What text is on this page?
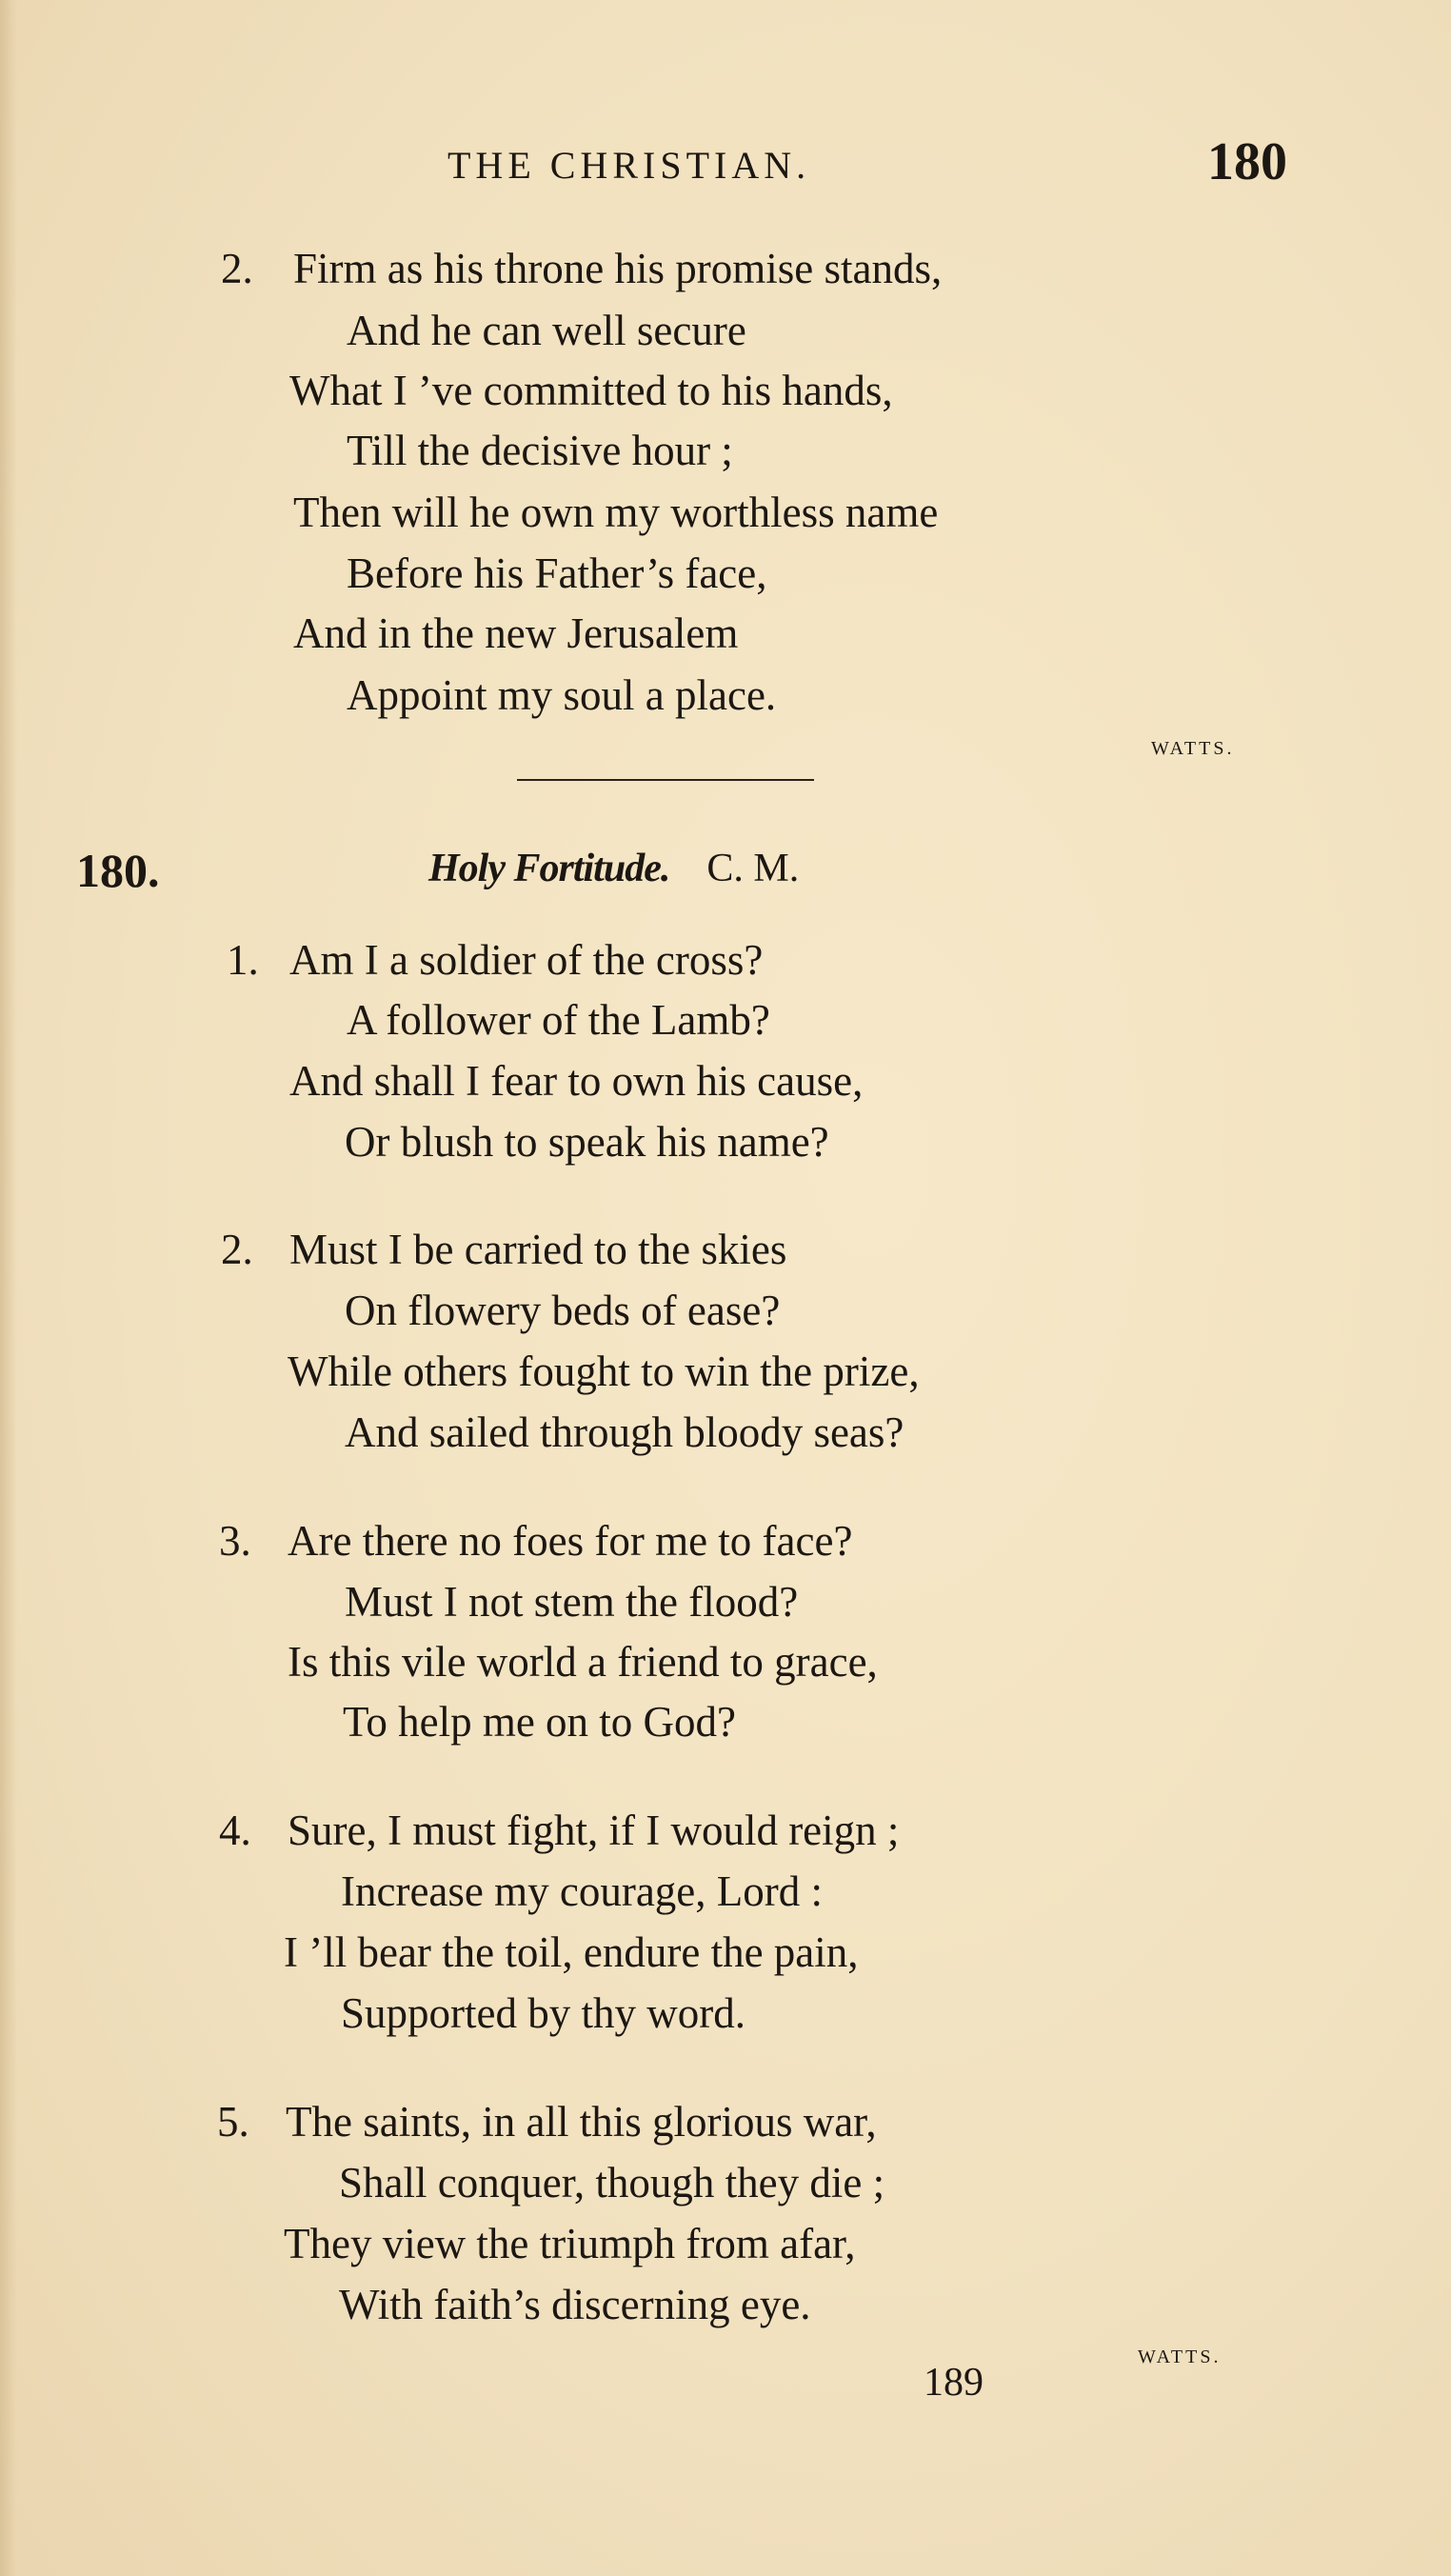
THE CHRISTIAN.	180
2. Firm as his throne his promise stands,
And he can well secure
What I ’ve committed to his hands,
Till the decisive hour ;
Then will he own my worthless name
Before his Father’s face,
And in the new Jerusalem
Appoint my soul a place.
WATTS.
180.	Holy Fortitude. C. M.
1. Am I a soldier of the cross?
A follower of the Lamb?
And shall I fear to own his cause,
Or blush to speak his name?
2. Must I be carried to the skies
On flowery beds of ease?
While others fought to win the prize,
And sailed through bloody seas?
3. Are there no foes for me to face?
Must I not stem the flood?
Is this vile world a friend to grace,
To help me on to God?
4. Sure, I must fight, if I would reign ;
Increase my courage, Lord :
I ’ll bear the toil, endure the pain,
Supported by thy word.
5. The saints, in all this glorious war,
Shall conquer, though they die ;
They view the triumph from afar,
With faith’s discerning eye.
WATTS.
189
